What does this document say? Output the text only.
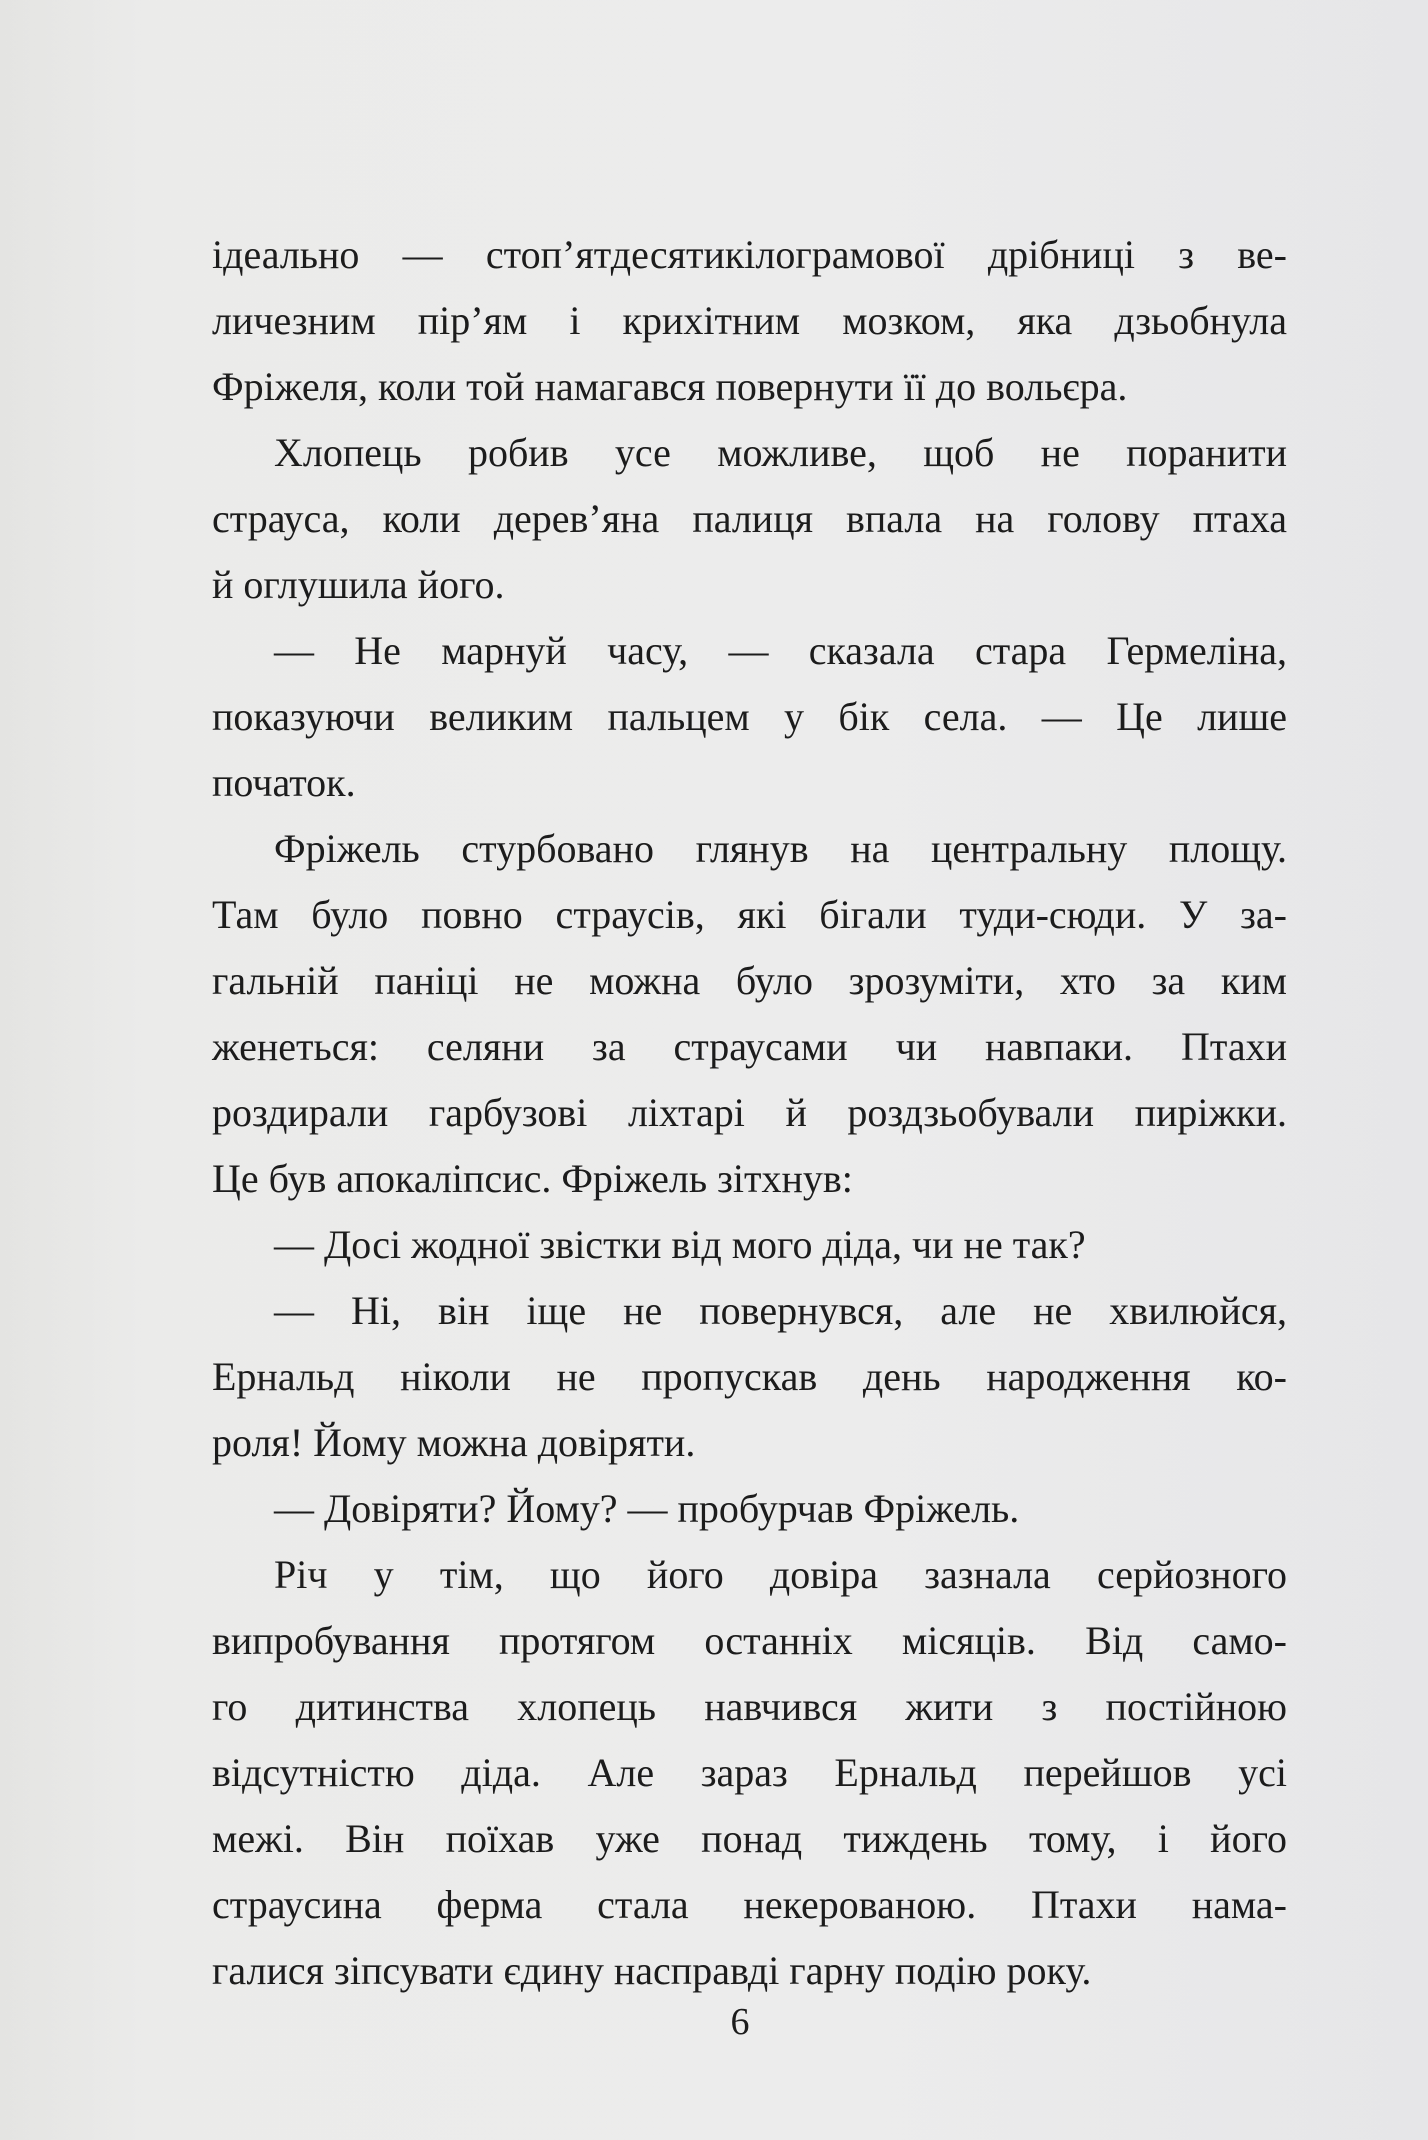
ідеально — стоп’ятдесятикілограмової дрібниці з ве-
личезним пір’ям і крихітним мозком, яка дзьобнула
Фріжеля, коли той намагався повернути її до вольєра.
Хлопець робив усе можливе, щоб не поранити
страуса, коли дерев’яна палиця впала на голову птаха
й оглушила його.
— Не марнуй часу, — сказала стара Гермеліна,
показуючи великим пальцем у бік села. — Це лише
початок.
Фріжель стурбовано глянув на центральну площу.
Там було повно страусів, які бігали туди-сюди. У за-
гальній паніці не можна було зрозуміти, хто за ким
женеться: селяни за страусами чи навпаки. Птахи
роздирали гарбузові ліхтарі й роздзьобували пиріжки.
Це був апокаліпсис. Фріжель зітхнув:
— Досі жодної звістки від мого діда, чи не так?
— Ні, він іще не повернувся, але не хвилюйся,
Ернальд ніколи не пропускав день народження ко-
роля! Йому можна довіряти.
— Довіряти? Йому? — пробурчав Фріжель.
Річ у тім, що його довіра зазнала серйозного
випробування протягом останніх місяців. Від само-
го дитинства хлопець навчився жити з постійною
відсутністю діда. Але зараз Ернальд перейшов усі
межі. Він поїхав уже понад тиждень тому, і його
страусина ферма стала некерованою. Птахи нама-
галися зіпсувати єдину насправді гарну подію року.
6
